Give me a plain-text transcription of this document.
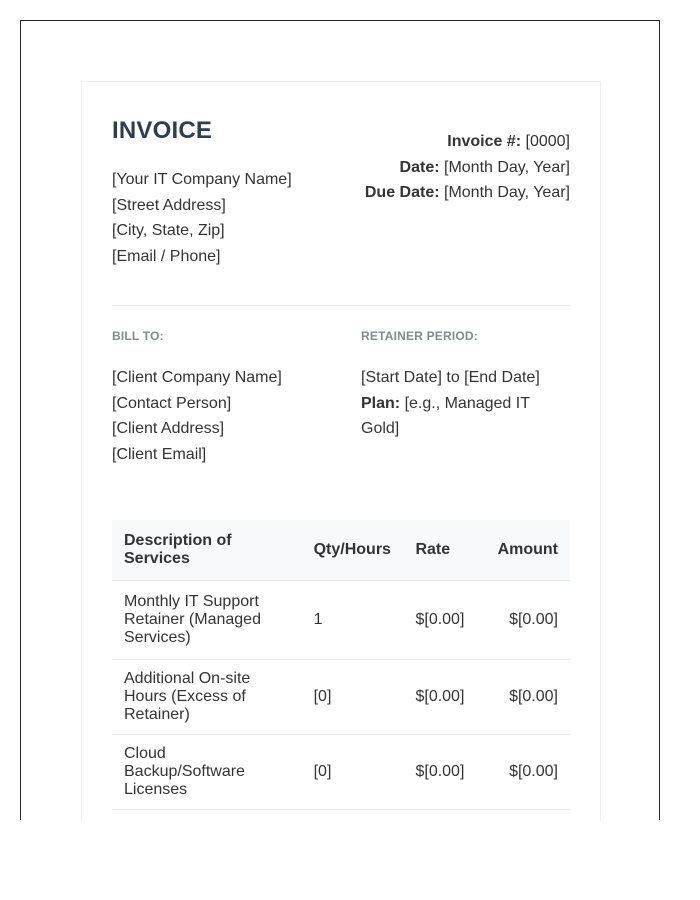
INVOICE
[Your IT Company Name]
[Street Address]
[City, State, Zip]
[Email / Phone]
Invoice #: [0000]
Date: [Month Day, Year]
Due Date: [Month Day, Year]

BILL TO:

[Client Company Name]
[Contact Person]
[Client Address]
[Client Email]

RETAINER PERIOD:

[Start Date] to [End Date]
Plan: [e.g., Managed IT Gold]
Description of Services	Qty/Hours	Rate	Amount
Monthly IT Support Retainer (Managed Services)	1	$[0.00]	$[0.00]
Additional On-site Hours (Excess of Retainer)	[0]	$[0.00]	$[0.00]
Cloud Backup/Software Licenses	[0]	$[0.00]	$[0.00]
